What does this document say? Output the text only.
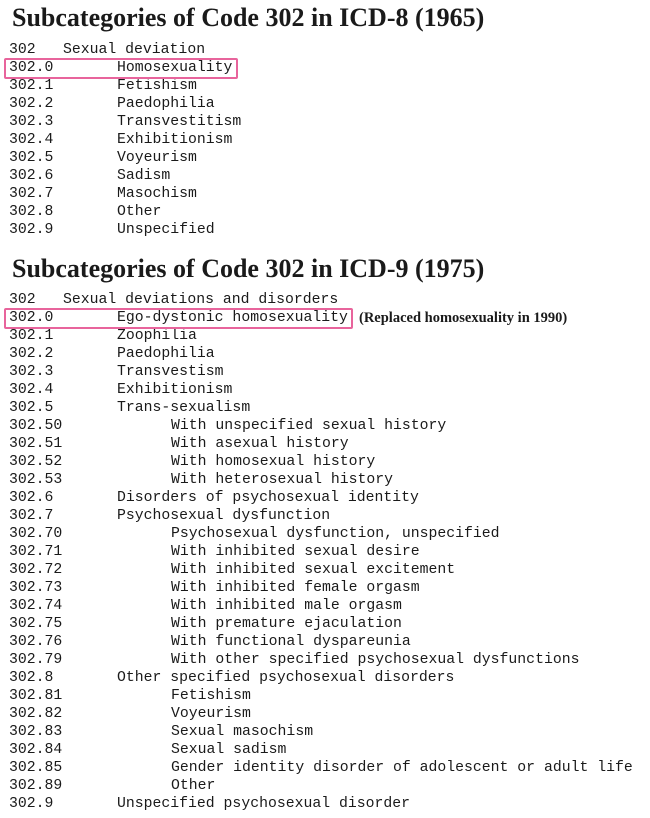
Subcategories of Code 302 in ICD-8 (1965)
302 Sexual deviation
302.0	Homosexuality
302.1	Fetishism
302.2	Paedophilia
302.3	Transvestitism
302.4	Exhibitionism
302.5	Voyeurism
302.6	Sadism
302.7	Masochism
302.8	Other
302.9	Unspecified
Subcategories of Code 302 in ICD-9 (1975)
302 Sexual deviations and disorders
302.0	Ego-dystonic homosexuality
302.1	Zoophilia
302.2	Paedophilia
302.3	Transvestism
302.4	Exhibitionism
302.5	Trans-sexualism
302.50	With unspecified sexual history
302.51	With asexual history
302.52	With homosexual history
302.53	With heterosexual history
302.6	Disorders of psychosexual identity
302.7	Psychosexual dysfunction
302.70	Psychosexual dysfunction, unspecified
302.71	With inhibited sexual desire
302.72	With inhibited sexual excitement
302.73	With inhibited female orgasm
302.74	With inhibited male orgasm
302.75	With premature ejaculation
302.76	With functional dyspareunia
302.79	With other specified psychosexual dysfunctions
302.8	Other specified psychosexual disorders
302.81	Fetishism
302.82	Voyeurism
302.83	Sexual masochism
302.84	Sexual sadism
302.85	Gender identity disorder of adolescent or adult life
302.89	Other
302.9	Unspecified psychosexual disorder
(Replaced homosexuality in 1990)
